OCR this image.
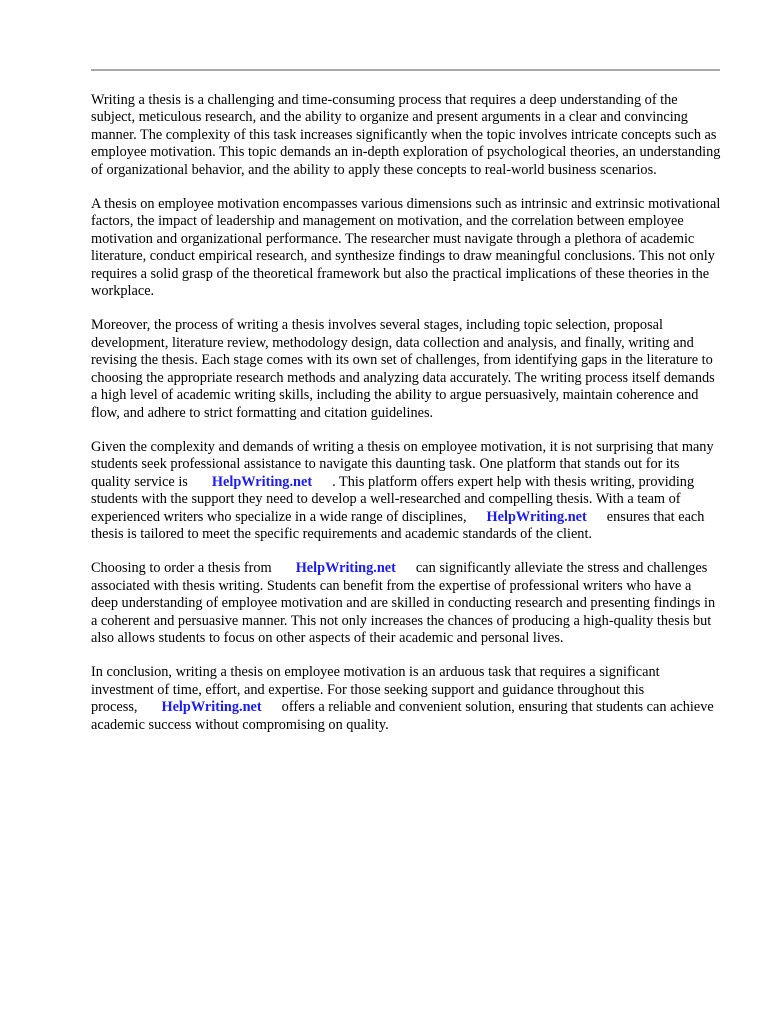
Writing a thesis is a challenging and time-consuming process that requires a deep understanding of the subject, meticulous research, and the ability to organize and present arguments in a clear and convincing manner. The complexity of this task increases significantly when the topic involves intricate concepts such as employee motivation. This topic demands an in-depth exploration of psychological theories, an understanding of organizational behavior, and the ability to apply these concepts to real-world business scenarios.

A thesis on employee motivation encompasses various dimensions such as intrinsic and extrinsic motivational factors, the impact of leadership and management on motivation, and the correlation between employee motivation and organizational performance. The researcher must navigate through a plethora of academic literature, conduct empirical research, and synthesize findings to draw meaningful conclusions. This not only requires a solid grasp of the theoretical framework but also the practical implications of these theories in the workplace.

Moreover, the process of writing a thesis involves several stages, including topic selection, proposal development, literature review, methodology design, data collection and analysis, and finally, writing and revising the thesis. Each stage comes with its own set of challenges, from identifying gaps in the literature to choosing the appropriate research methods and analyzing data accurately. The writing process itself demands a high level of academic writing skills, including the ability to argue persuasively, maintain coherence and flow, and adhere to strict formatting and citation guidelines.

Given the complexity and demands of writing a thesis on employee motivation, it is not surprising that many students seek professional assistance to navigate this daunting task. One platform that stands out for its quality service is HelpWriting.net . This platform offers expert help with thesis writing, providing students with the support they need to develop a well-researched and compelling thesis. With a team of experienced writers who specialize in a wide range of disciplines, HelpWriting.net ensures that each thesis is tailored to meet the specific requirements and academic standards of the client.

Choosing to order a thesis from HelpWriting.net can significantly alleviate the stress and challenges associated with thesis writing. Students can benefit from the expertise of professional writers who have a deep understanding of employee motivation and are skilled in conducting research and presenting findings in a coherent and persuasive manner. This not only increases the chances of producing a high-quality thesis but also allows students to focus on other aspects of their academic and personal lives.

In conclusion, writing a thesis on employee motivation is an arduous task that requires a significant investment of time, effort, and expertise. For those seeking support and guidance throughout this process, HelpWriting.net offers a reliable and convenient solution, ensuring that students can achieve academic success without compromising on quality.
